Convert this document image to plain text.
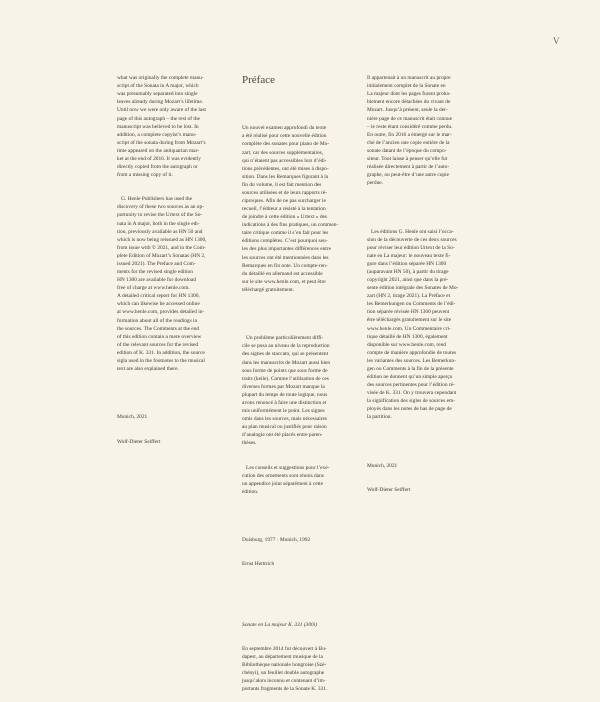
V

what was originally the complete manu-
script of the Sonata in A major, which
was presumably separated into single
leaves already during Mozart’s lifetime.
Until now we were only aware of the last
page of this autograph – the rest of the
manuscript was believed to be lost. In
addition, a complete copyist’s manu-
script of the sonata during from Mozart’s
time appeared on the antiquarian mar-
ket at the end of 2016. It was evidently
directly copied from the autograph or
from a missing copy of it.

G. Henle Publishers has used the
discovery of these two sources as an op-
portunity to revise the Urtext of the So-
nata in A major, both in the single edi-
tion, previously available as HN 50 and
which is now being reissued as HN 1300,
from issue with © 2021, and in the Com-
plete Edition of Mozart’s Sonatas (HN 2,
issued 2021). The Preface and Com-
ments for the revised single edition
HN 1300 are available for download
free of charge at www.henle.com.
A detailed critical report for HN 1300,
which can likewise be accessed online
at www.henle.com, provides detailed in-
formation about all of the readings in
the sources. The Comments at the end
of this edition contain a mere overview
of the relevant sources for the revised
edition of K. 331. In addition, the source
sigla used in the footnotes to the musical
text are also explained there.

Munich, 2021

Wolf-Dieter Seiffert

Préface

Un nouvel examen approfondi du texte
a été réalisé pour cette nouvelle édition
complète des sonates pour piano de Mo-
zart, car des sources supplémentaires,
qui n’étaient pas accessibles lors d’édi-
tions précédentes, ont été mises à dispo-
sition. Dans les Remarques figurant à la
fin du volume, il est fait mention des
sources utilisées et de leurs rapports ré-
ciproques. Afin de ne pas surcharger le
recueil, l’éditeur a résisté à la tentation
de joindre à cette édition « Urtext » des
indications à des fins pratiques, un commen-
taire critique comme il s’en fait pour les
éditions complètes. C’est pourquoi seu-
les des plus importantes différences entre
les sources ont été mentionnées dans les
Remarques en fin note. Un compte-ren-
du détaillé en allemand est accessible
sur le site www.henle.com, et peut être
téléchargé gratuitement.

Un problème particulièrement diffi-
cile se posa au niveau de la reproduction
des signes de staccato, qui se présentent
dans les manuscrits de Mozart aussi bien
sous forme de points que sous forme de
traits (keile). Comme l’utilisation de ces
diverses formes par Mozart manque la
plupart du temps de toute logique, nous
avons renoncé à faire une distinction et
mis uniformément le point. Les signes
omis dans les sources, mais nécessaires
au plan musical ou justifiés pour raison
d’analogie ont été placés entre paren-
thèses.

Les conseils et suggestions pour l’exé-
cution des ornements sont réunis dans
un appendice joint séparément à cette
édition.

Duisburg, 1977 · Munich, 1992

Ernst Herttrich

Sonate en La majeur K. 331 (300i)

En septembre 2014 fut découvert à Bu-
dapest, au département musique de la
Bibliothèque nationale hongroise (Szé-
chényi), un feuillet double autographe
jusqu’alors inconnu et contenant d’im-
portants fragments de la Sonate K. 331.

Il appartenait à un manuscrit au propre
initialement complet de la Sonate en
La majeur dont les pages furent proba-
blement encore détachées du vivant de
Mozart. Jusqu’à présent, seule la der-
nière page de ce manuscrit était connue
– le reste étant considéré comme perdu.
En outre, fin 2016 a émergé sur le mar-
ché de l’ancien une copie entière de la
sonate datant de l’époque du compo-
siteur. Tout laisse à penser qu’elle fut
réalisée directement à partir de l’auto-
graphe, ou peut-être d’une autre copie
perdue.

Les éditions G. Henle ont saisi l’occa-
sion de la découverte de ces deux sources
pour réviser leur édition Urtext de la So-
nate en La majeur: le nouveau texte fi-
gure dans l’édition séparée HN 1300
(auparavant HN 50), à partir du tirage
copyright 2021, ainsi que dans la pré-
sente édition intégrale des Sonates de Mo-
zart (HN 2, tirage 2021). La Préface et
les Bemerkungen ou Comments de l’édi-
tion séparée révisée HN 1300 peuvent
être téléchargés gratuitement sur le site
www.henle.com. Un Commentaire cri-
tique détaillé de HN 1300, également
disponible sur www.henle.com, rend
compte de manière approfondie de toutes
les variantes des sources. Les Bemerkun-
gen ou Comments à la fin de la présente
édition ne donnent qu’un simple aperçu
des sources pertinentes pour l’édition ré-
visée de K. 331. On y trouvera cependant
la signification des sigles de sources em-
ployés dans les notes de bas de page de
la partition.

Munich, 2021

Wolf-Dieter Seiffert
